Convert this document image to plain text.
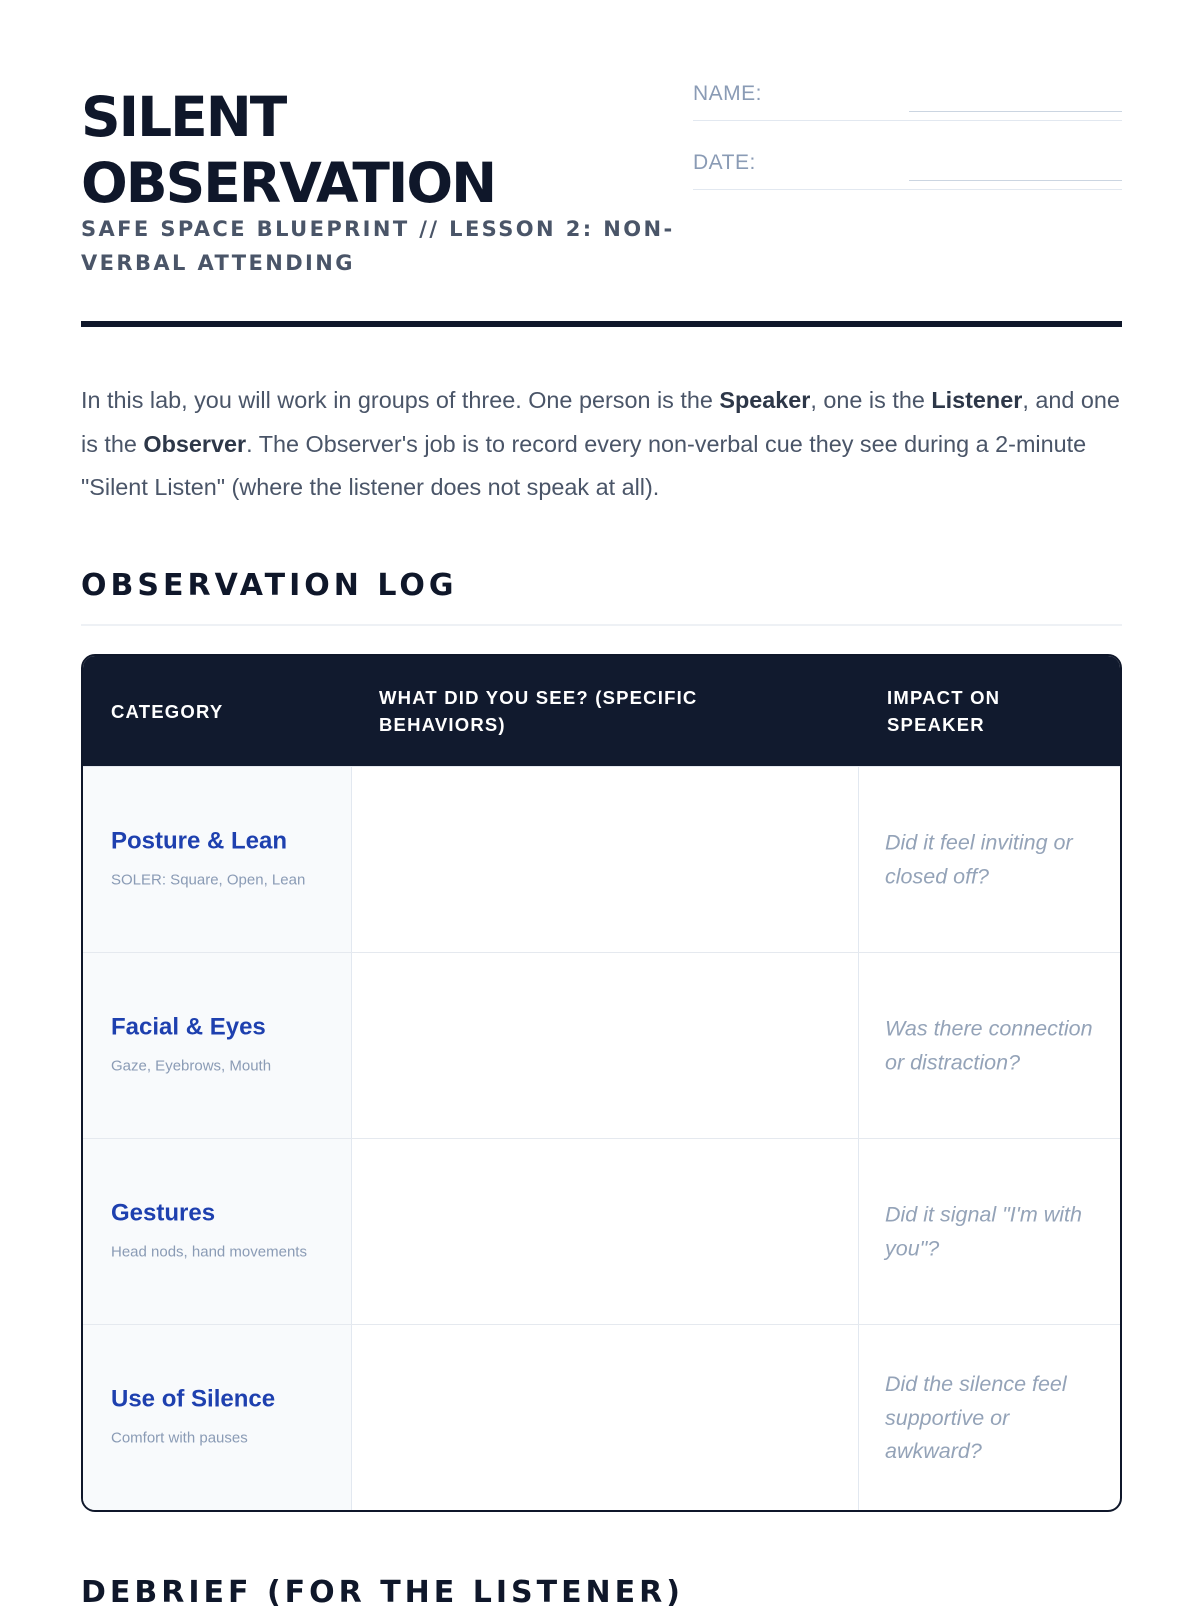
SILENT
OBSERVATION

SAFE SPACE BLUEPRINT // LESSON 2: NON-VERBAL ATTENDING

NAME:
DATE:

In this lab, you will work in groups of three. One person is the Speaker, one is the Listener, and one is the Observer. The Observer's job is to record every non-verbal cue they see during a 2-minute "Silent Listen" (where the listener does not speak at all).

OBSERVATION LOG
CATEGORY
WHAT DID YOU SEE? (SPECIFIC BEHAVIORS)
IMPACT ON SPEAKER

Posture & Lean

SOLER: Square, Open, Lean

Did it feel inviting or closed off?

Facial & Eyes

Gaze, Eyebrows, Mouth

Was there connection or distraction?

Gestures

Head nods, hand movements

Did it signal "I'm with you"?

Use of Silence

Comfort with pauses

Did the silence feel supportive or awkward?

DEBRIEF (FOR THE LISTENER)
